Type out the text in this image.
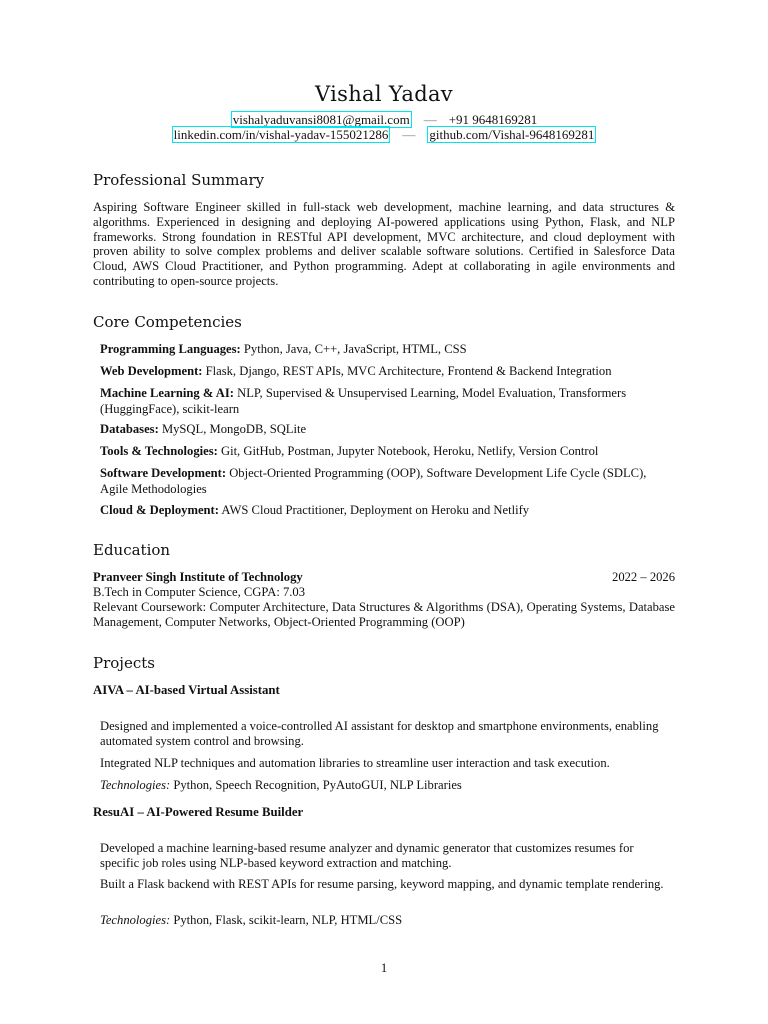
Vishal Yadav
vishalyaduvansi8081@gmail.com — +91 9648169281
linkedin.com/in/vishal-yadav-155021286 — github.com/Vishal-9648169281
Professional Summary
Aspiring Software Engineer skilled in full-stack web development, machine learning, and data structures & algorithms. Experienced in designing and deploying AI-powered applications using Python, Flask, and NLP frameworks. Strong foundation in RESTful API development, MVC architecture, and cloud deployment with proven ability to solve complex problems and deliver scalable software solutions. Certified in Salesforce Data Cloud, AWS Cloud Practitioner, and Python programming. Adept at collaborating in agile environments and contributing to open-source projects.
Core Competencies
Programming Languages: Python, Java, C++, JavaScript, HTML, CSS
Web Development: Flask, Django, REST APIs, MVC Architecture, Frontend & Backend Integration
Machine Learning & AI: NLP, Supervised & Unsupervised Learning, Model Evaluation, Transformers (HuggingFace), scikit-learn
Databases: MySQL, MongoDB, SQLite
Tools & Technologies: Git, GitHub, Postman, Jupyter Notebook, Heroku, Netlify, Version Control
Software Development: Object-Oriented Programming (OOP), Software Development Life Cycle (SDLC), Agile Methodologies
Cloud & Deployment: AWS Cloud Practitioner, Deployment on Heroku and Netlify
Education
Pranveer Singh Institute of Technology	2022 – 2026
B.Tech in Computer Science, CGPA: 7.03
Relevant Coursework: Computer Architecture, Data Structures & Algorithms (DSA), Operating Systems, Database Management, Computer Networks, Object-Oriented Programming (OOP)
Projects
AIVA – AI-based Virtual Assistant
Designed and implemented a voice-controlled AI assistant for desktop and smartphone environments, enabling automated system control and browsing.
Integrated NLP techniques and automation libraries to streamline user interaction and task execution.
Technologies: Python, Speech Recognition, PyAutoGUI, NLP Libraries
ResuAI – AI-Powered Resume Builder
Developed a machine learning-based resume analyzer and dynamic generator that customizes resumes for specific job roles using NLP-based keyword extraction and matching.
Built a Flask backend with REST APIs for resume parsing, keyword mapping, and dynamic template rendering.
Technologies: Python, Flask, scikit-learn, NLP, HTML/CSS
1
